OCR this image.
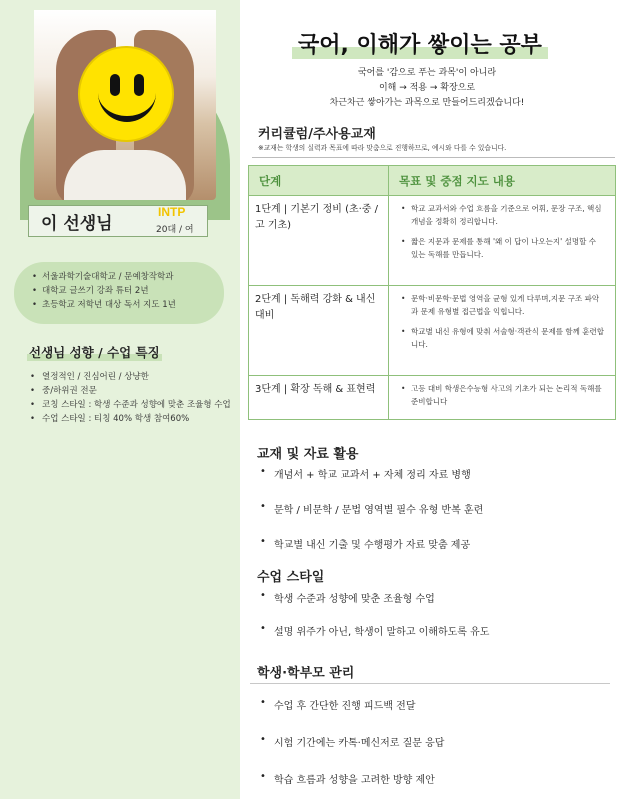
이 선생님
INTP
20대 / 여
• 서울과학기술대학교 / 문예창작학과
• 대학교 글쓰기 강좌 튜터 2년
• 초등학교 저학년 대상 독서 지도 1년
선생님 성향 / 수업 특징
• 열정적인 / 진심어린 / 상냥한
• 중/하위권 전문
• 코칭 스타일 : 학생 수준과 성향에 맞춘 조율형 수업
• 수업 스타일 : 티칭 40% 학생 참여60%
국어, 이해가 쌓이는 공부
국어를 '감으로 푸는 과목'이 아니라
이해 → 적용 → 확장으로
차근차근 쌓아가는 과목으로 만들어드리겠습니다!
커리큘럼/주사용교재
※교재는 학생의 실력과 목표에 따라 맞춤으로 진행하므로, 예시와 다를 수 있습니다.
단계	목표 및 중점 지도 내용
1단계 | 기본기 정비 (초·중 / 고 기초)	• 학교 교과서와 수업 흐름을 기준으로 어휘, 문장 구조, 핵심 개념을 정확히 정리합니다.
• 짧은 지문과 문제를 통해 '왜 이 답이 나오는지' 설명할 수 있는 독해를 만듭니다.

2단계 | 독해력 강화 & 내신 대비	• 문학·비문학·문법 영역을 균형 있게 다루며,지문 구조 파악과 문제 유형별 접근법을 익힙니다.
• 학교별 내신 유형에 맞춰 서술형·객관식 문제를 함께 훈련합니다.

3단계 | 확장 독해 & 표현력	• 고등 대비 학생은수능형 사고의 기초가 되는 논리적 독해를 준비합니다
교재 및 자료 활용
• 개념서 + 학교 교과서 + 자체 정리 자료 병행
• 문학 / 비문학 / 문법 영역별 필수 유형 반복 훈련
• 학교별 내신 기출 및 수행평가 자료 맞춤 제공
수업 스타일
• 학생 수준과 성향에 맞춘 조율형 수업
• 설명 위주가 아닌, 학생이 말하고 이해하도록 유도
학생·학부모 관리
• 수업 후 간단한 진행 피드백 전달
• 시험 기간에는 카톡·메신저로 질문 응답
• 학습 흐름과 성향을 고려한 방향 제안
